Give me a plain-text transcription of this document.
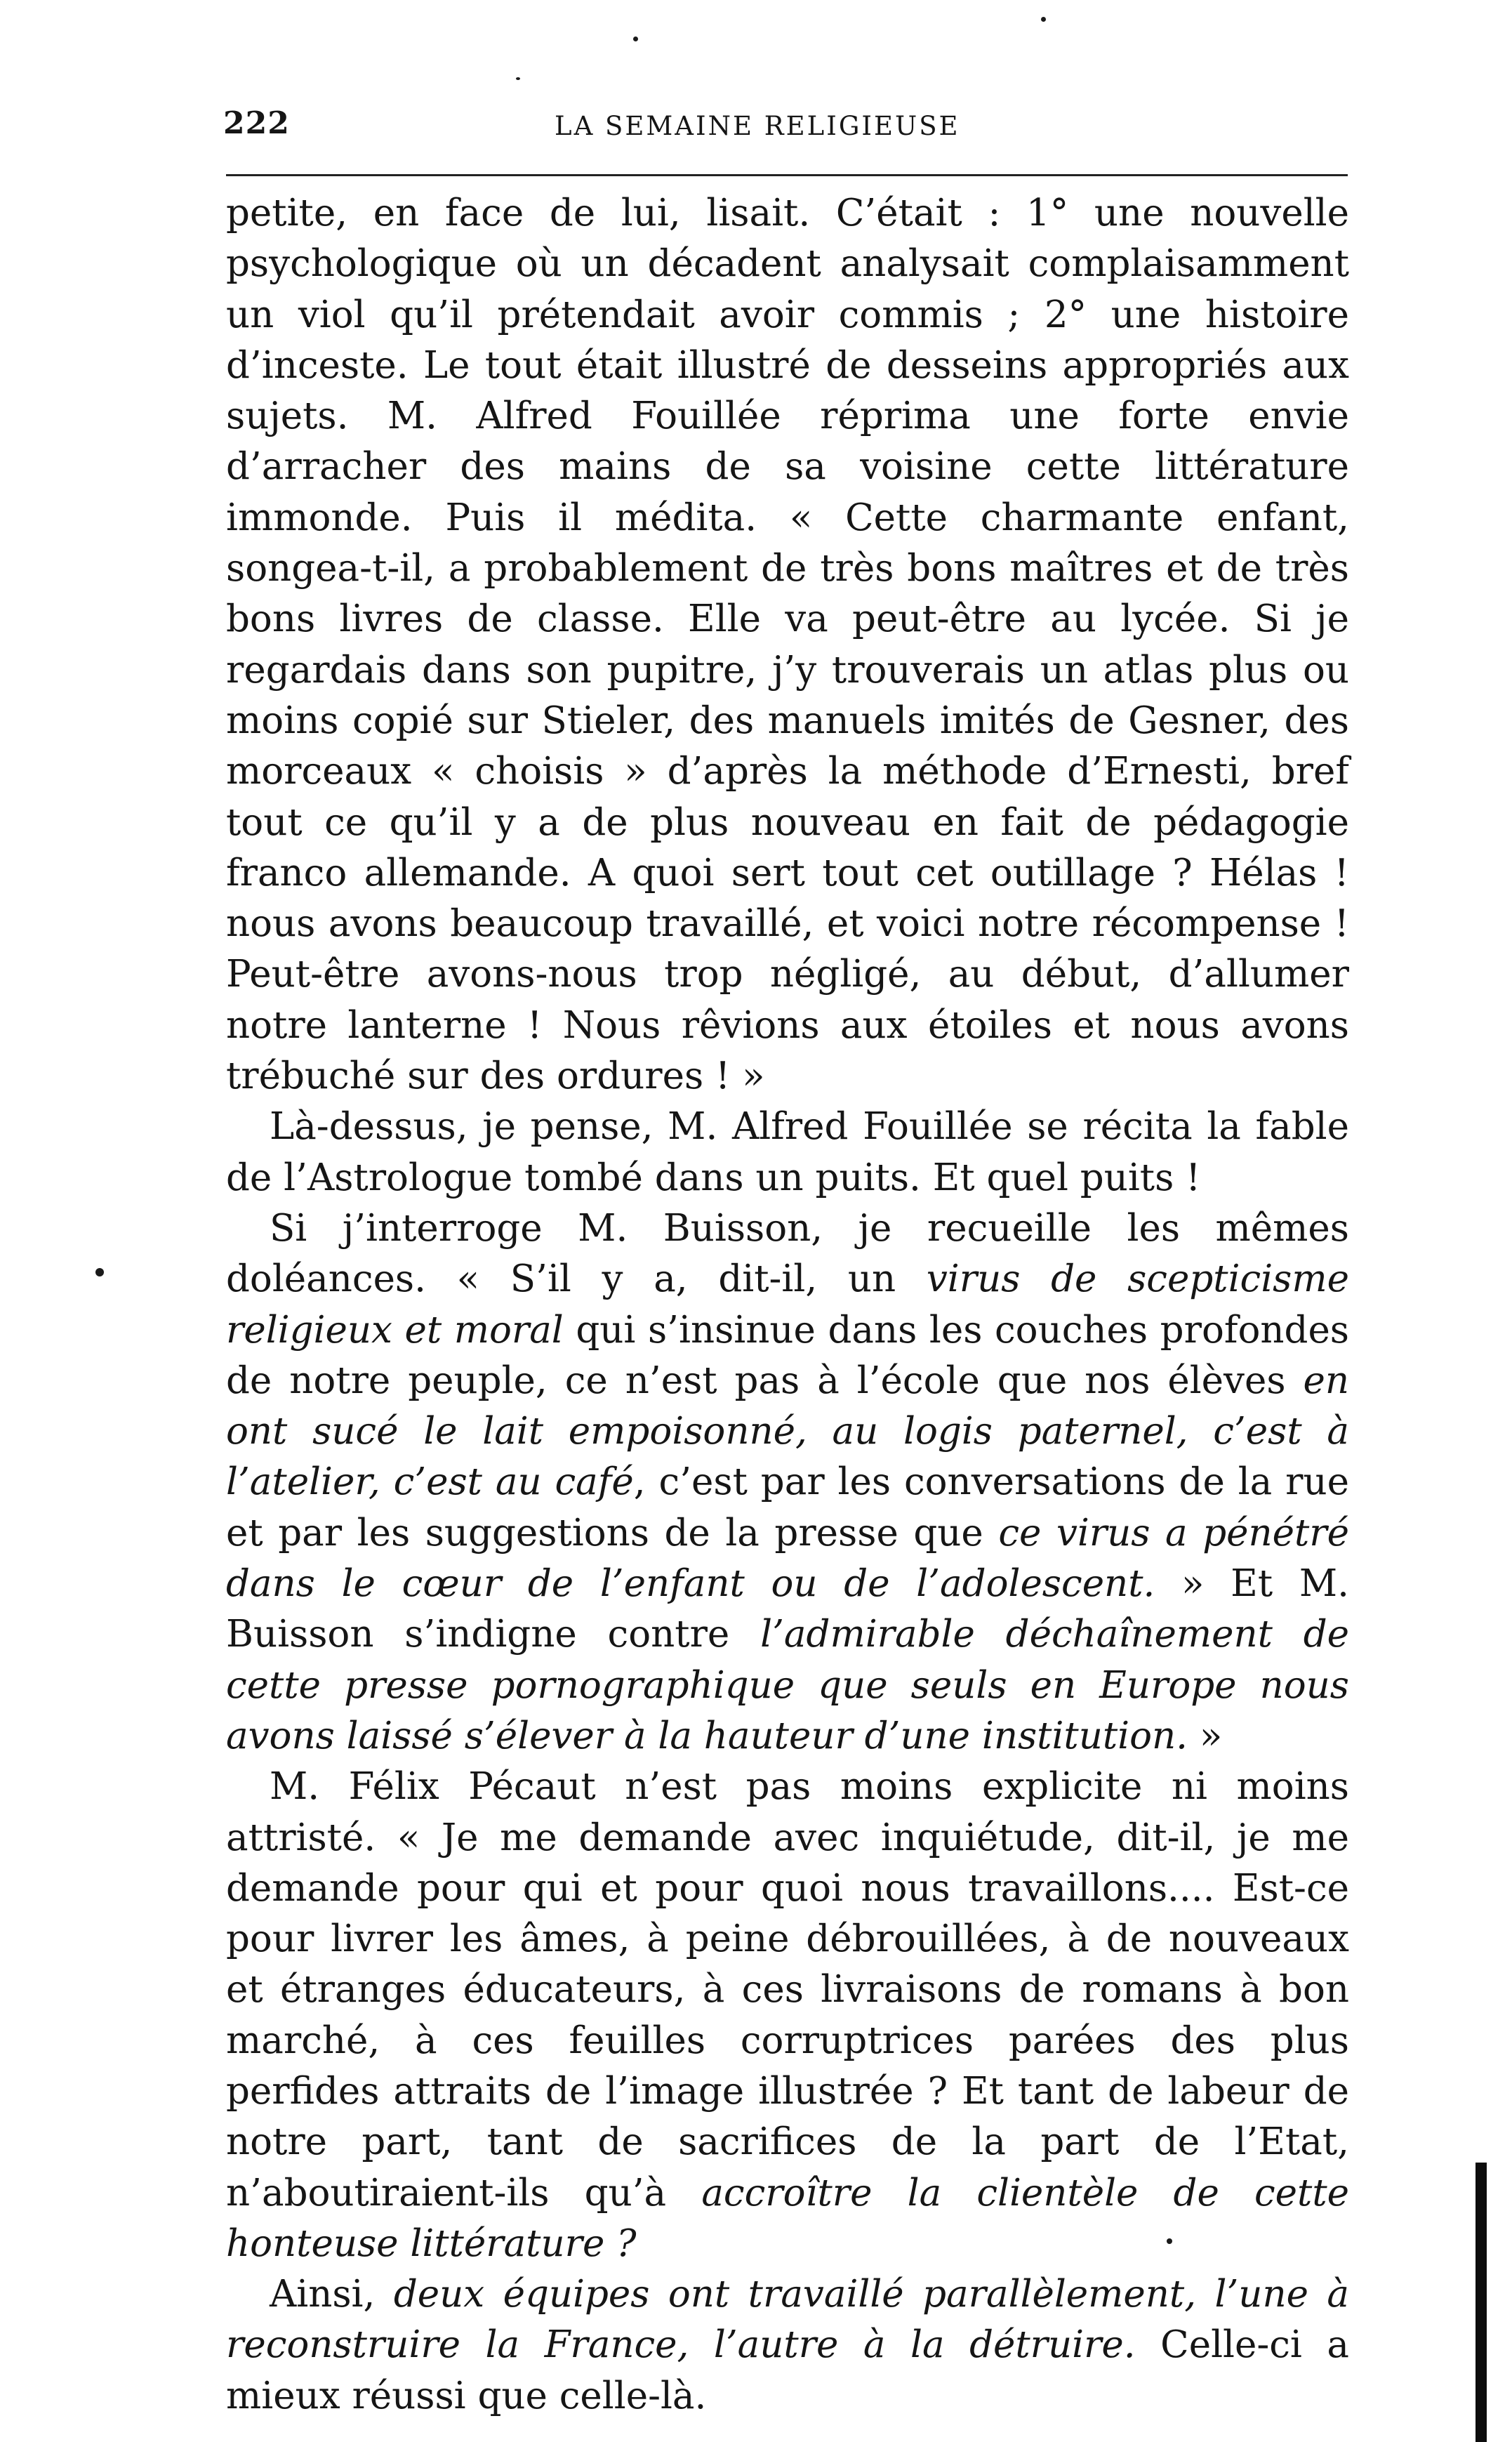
222	LA SEMAINE RELIGIEUSE

petite, en face de lui, lisait. C’était : 1° une nouvelle psychologique où un décadent analysait complaisamment un viol qu’il prétendait avoir commis ; 2° une histoire d’inceste. Le tout était illustré de desseins appropriés aux sujets. M. Alfred Fouillée réprima une forte envie d’arracher des mains de sa voisine cette littérature immonde. Puis il médita. « Cette charmante enfant, songea-t-il, a probablement de très bons maîtres et de très bons livres de classe. Elle va peut-être au lycée. Si je regardais dans son pupitre, j’y trouverais un atlas plus ou moins copié sur Stieler, des manuels imités de Gesner, des morceaux « choisis » d’après la méthode d’Ernesti, bref tout ce qu’il y a de plus nouveau en fait de pédagogie franco allemande. A quoi sert tout cet outillage ? Hélas ! nous avons beaucoup travaillé, et voici notre récompense ! Peut-être avons-nous trop négligé, au début, d’allumer notre lanterne ! Nous rêvions aux étoiles et nous avons trébuché sur des ordures ! »

Là-dessus, je pense, M. Alfred Fouillée se récita la fable de l’Astrologue tombé dans un puits. Et quel puits !

Si j’interroge M. Buisson, je recueille les mêmes doléances. « S’il y a, dit-il, un virus de scepticisme religieux et moral qui s’insinue dans les couches profondes de notre peuple, ce n’est pas à l’école que nos élèves en ont sucé le lait empoisonné, au logis paternel, c’est à l’atelier, c’est au café, c’est par les conversations de la rue et par les suggestions de la presse que ce virus a pénétré dans le cœur de l’enfant ou de l’adolescent. » Et M. Buisson s’indigne contre l’admirable déchaînement de cette presse pornographique que seuls en Europe nous avons laissé s’élever à la hauteur d’une institution. »

M. Félix Pécaut n’est pas moins explicite ni moins attristé. « Je me demande avec inquiétude, dit-il, je me demande pour qui et pour quoi nous travaillons.... Est-ce pour livrer les âmes, à peine débrouillées, à de nouveaux et étranges éducateurs, à ces livraisons de romans à bon marché, à ces feuilles corruptrices parées des plus perfides attraits de l’image illustrée ? Et tant de labeur de notre part, tant de sacrifices de la part de l’Etat, n’aboutiraient-ils qu’à accroître la clientèle de cette honteuse littérature ?

Ainsi, deux équipes ont travaillé parallèlement, l’une à reconstruire la France, l’autre à la détruire. Celle-ci a mieux réussi que celle-là.
